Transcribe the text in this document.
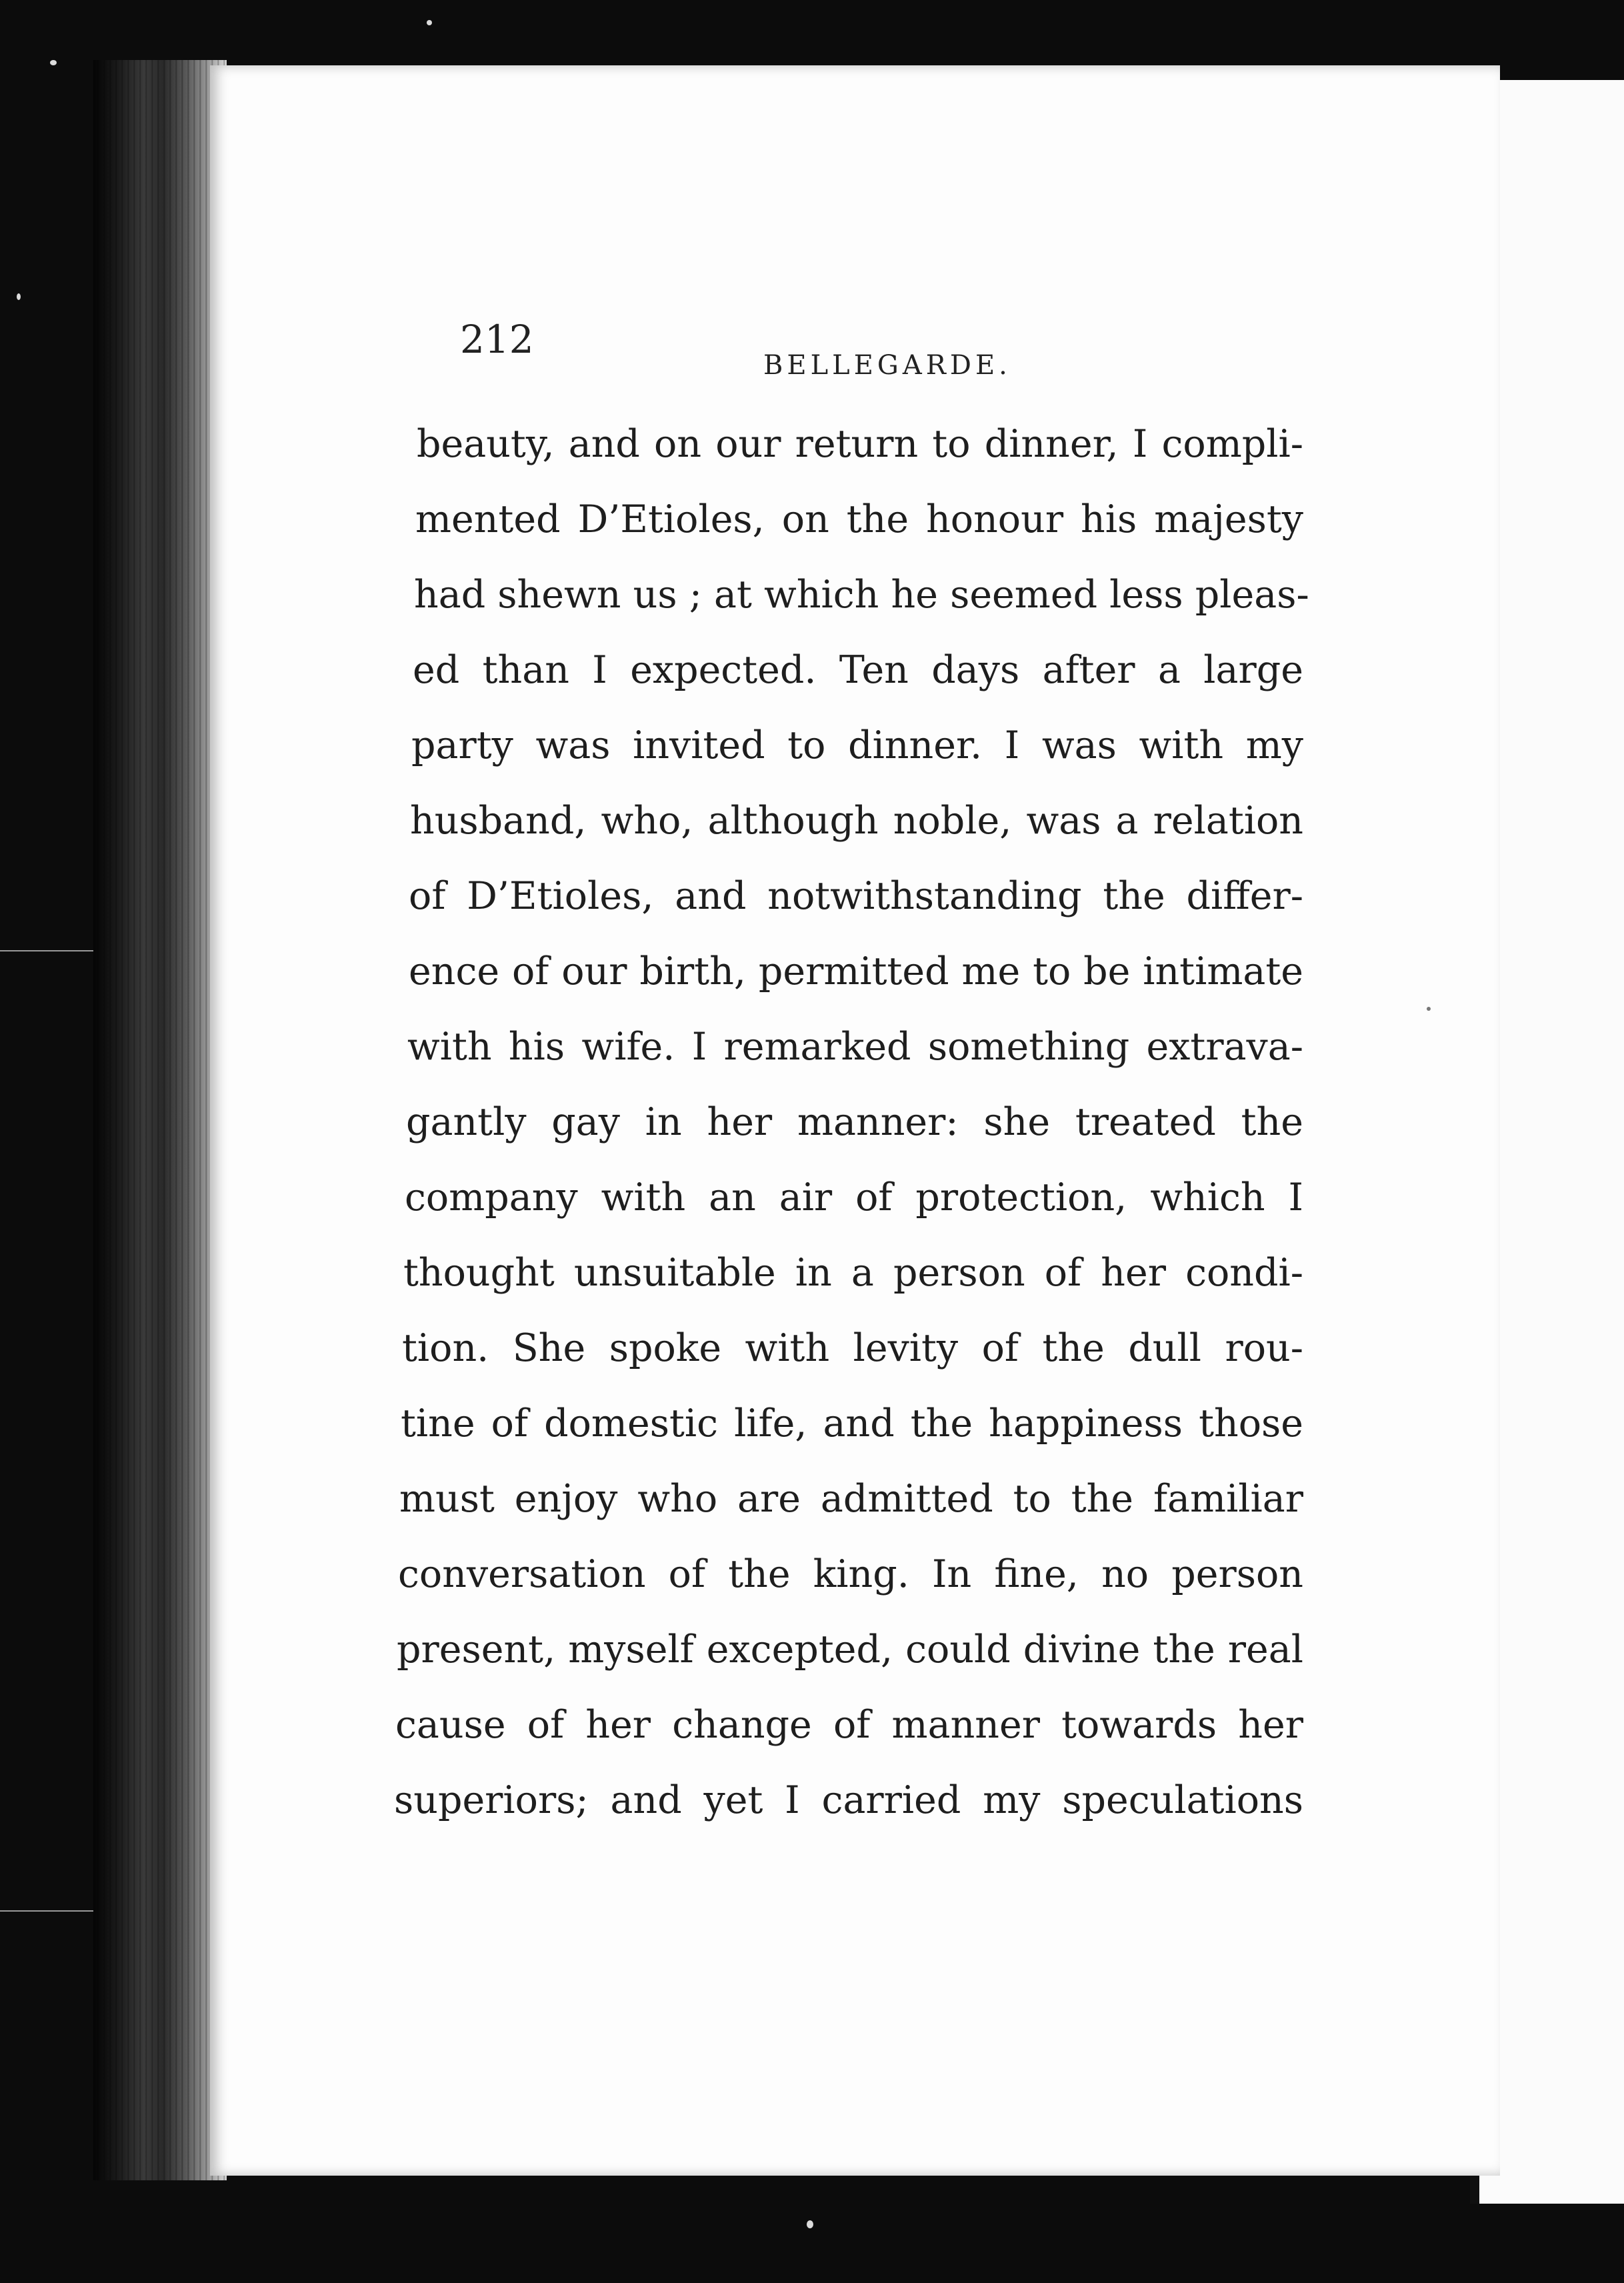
212
BELLEGARDE.
beauty, and on our return to dinner, I compli-
mented D’Etioles, on the honour his majesty
had shewn us ; at which he seemed less pleas-
ed than I expected. Ten days after a large
party was invited to dinner. I was with my
husband, who, although noble, was a relation
of D’Etioles, and notwithstanding the differ-
ence of our birth, permitted me to be intimate
with his wife. I remarked something extrava-
gantly gay in her manner: she treated the
company with an air of protection, which I
thought unsuitable in a person of her condi-
tion. She spoke with levity of the dull rou-
tine of domestic life, and the happiness those
must enjoy who are admitted to the familiar
conversation of the king. In fine, no person
present, myself excepted, could divine the real
cause of her change of manner towards her
superiors; and yet I carried my speculations
